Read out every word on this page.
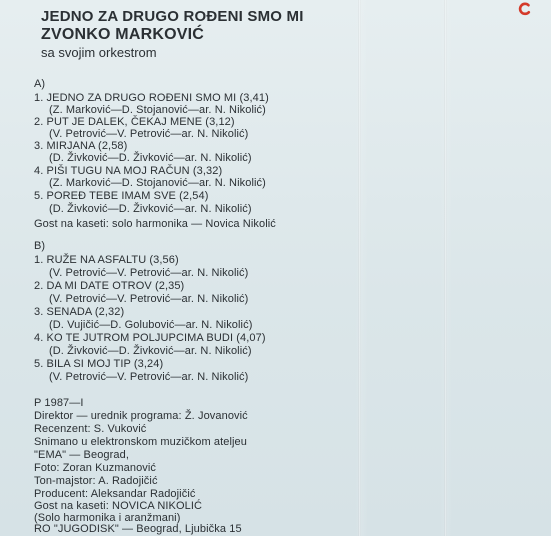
JEDNO ZA DRUGO ROĐENI SMO MI
ZVONKO MARKOVIĆ
sa svojim orkestrom
A)
1. JEDNO ZA DRUGO ROĐENI SMO MI (3,41)
(Z. Marković—D. Stojanović—ar. N. Nikolić)
2. PUT JE DALEK, ČEKAJ MENE (3,12)
(V. Petrović—V. Petrović—ar. N. Nikolić)
3. MIRJANA (2,58)
(D. Živković—D. Živković—ar. N. Nikolić)
4. PIŠI TUGU NA MOJ RAČUN (3,32)
(Z. Marković—D. Stojanović—ar. N. Nikolić)
5. POREĐ TEBE IMAM SVE (2,54)
(D. Živković—D. Živković—ar. N. Nikolić)
Gost na kaseti: solo harmonika — Novica Nikolić
B)
1. RUŽE NA ASFALTU (3,56)
(V. Petrović—V. Petrović—ar. N. Nikolić)
2. DA MI DATE OTROV (2,35)
(V. Petrović—V. Petrović—ar. N. Nikolić)
3. SENADA (2,32)
(D. Vujičić—D. Golubović—ar. N. Nikolić)
4. KO TE JUTROM POLJUPCIMA BUDI (4,07)
(D. Živković—D. Živković—ar. N. Nikolić)
5. BILA SI MOJ TIP (3,24)
(V. Petrović—V. Petrović—ar. N. Nikolić)
P 1987—I
Direktor — urednik programa: Ž. Jovanović
Recenzent: S. Vuković
Snimano u elektronskom muzičkom ateljeu
"EMA" — Beograd,
Foto: Zoran Kuzmanović
Ton-majstor: A. Radojičić
Producent: Aleksandar Radojičić
Gost na kaseti: NOVICA NIKOLIĆ
(Solo harmonika i aranžmani)
RO "JUGODISK" — Beograd, Ljubička 15
